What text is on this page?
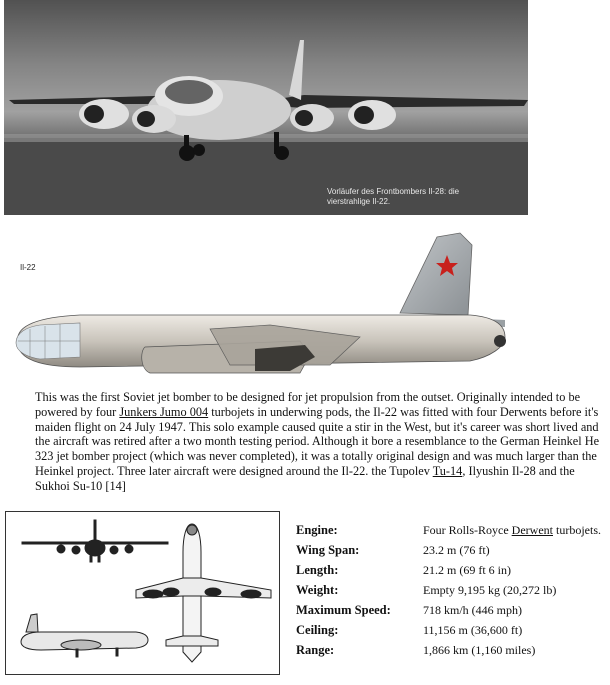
Vorläufer des Frontbombers Il-28: die
vierstrahlige Il-22.
Il-22
This was the first Soviet jet bomber to be designed for jet propulsion from the outset. Originally intended to be powered by four Junkers Jumo 004 turbojets in underwing pods, the Il-22 was fitted with four Derwents before it's maiden flight on 24 July 1947. This solo example caused quite a stir in the West, but it's career was short lived and the aircraft was retired after a two month testing period. Although it bore a resemblance to the German Heinkel He 323 jet bomber project (which was never completed), it was a totally original design and was much larger than the Heinkel project. Three later aircraft were designed around the Il-22. the Tupolev Tu-14, Ilyushin Il-28 and the Sukhoi Su-10 [14]
Engine:	Four Rolls-Royce Derwent turbojets.
Wing Span:	23.2 m (76 ft)
Length:	21.2 m (69 ft 6 in)
Weight:	Empty 9,195 kg (20,272 lb)
Maximum Speed:	718 km/h (446 mph)
Ceiling:	11,156 m (36,600 ft)
Range:	1,866 km (1,160 miles)
